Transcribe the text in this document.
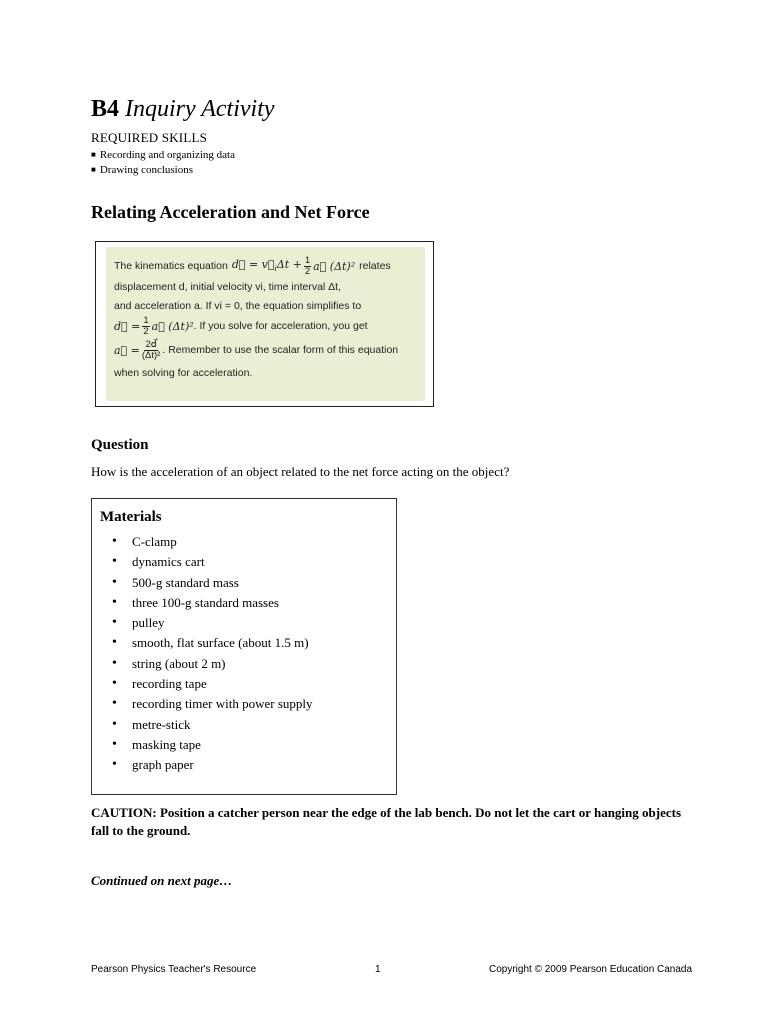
B4 Inquiry Activity
REQUIRED SKILLS
■ Recording and organizing data
■ Drawing conclusions
Relating Acceleration and Net Force
The kinematics equation d⃗ = $v⃗_i\Delta t + \frac{1}{2}$ a⃗ (Δt)² relates
displacement d, initial velocity vi, time interval Δt,
and acceleration a. If vi = 0, the equation simplifies to
d⃗ = $\frac{1}{2}$ a⃗ (Δt)² . If you solve for acceleration, you get
a⃗ = $\frac{2d⃗}{\text{(Δt)²}}$ . Remember to use the scalar form of this equation
when solving for acceleration.
Question
How is the acceleration of an object related to the net force acting on the object?
Materials
• C-clamp
• dynamics cart
• 500-g standard mass
• three 100-g standard masses
• pulley
• smooth, flat surface (about 1.5 m)
• string (about 2 m)
• recording tape
• recording timer with power supply
• metre-stick
• masking tape
• graph paper
CAUTION: Position a catcher person near the edge of the lab bench. Do not let the cart or hanging objects fall to the ground.
Continued on next page…
Pearson Physics Teacher's Resource	1	Copyright © 2009 Pearson Education Canada
